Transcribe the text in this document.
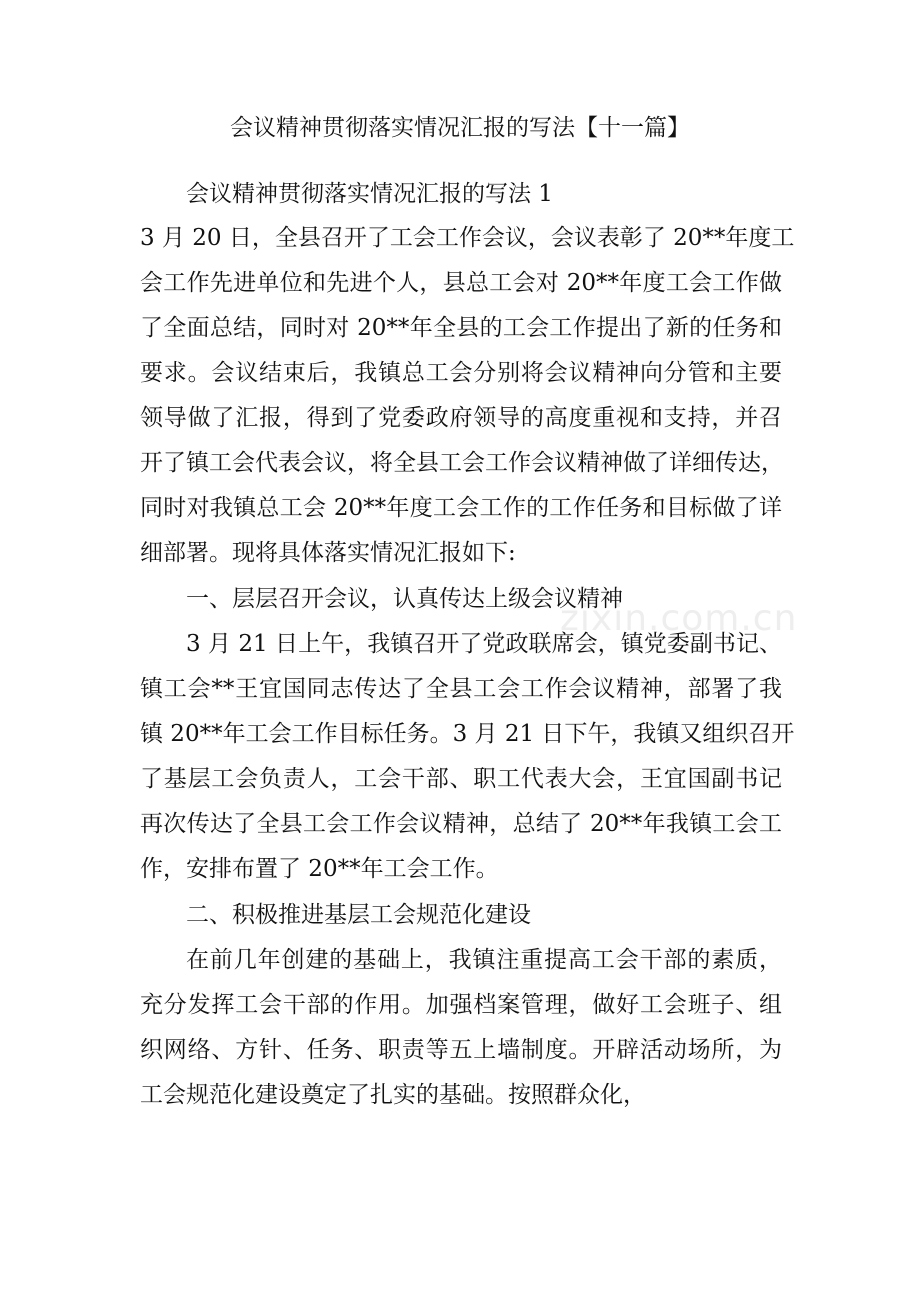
会议精神贯彻落实情况汇报的写法【十一篇】
会议精神贯彻落实情况汇报的写法 1
3 月 20 日，全县召开了工会工作会议，会议表彰了 20**年度工
会工作先进单位和先进个人，县总工会对 20**年度工会工作做
了全面总结，同时对 20**年全县的工会工作提出了新的任务和
要求。会议结束后，我镇总工会分别将会议精神向分管和主要
领导做了汇报，得到了党委政府领导的高度重视和支持，并召
开了镇工会代表会议，将全县工会工作会议精神做了详细传达，
同时对我镇总工会 20**年度工会工作的工作任务和目标做了详
细部署。现将具体落实情况汇报如下:
一、层层召开会议，认真传达上级会议精神
3 月 21 日上午，我镇召开了党政联席会，镇党委副书记、
镇工会**王宜国同志传达了全县工会工作会议精神，部署了我
镇 20**年工会工作目标任务。3 月 21 日下午，我镇又组织召开
了基层工会负责人，工会干部、职工代表大会，王宜国副书记
再次传达了全县工会工作会议精神，总结了 20**年我镇工会工
作，安排布置了 20**年工会工作。
二、积极推进基层工会规范化建设
在前几年创建的基础上，我镇注重提高工会干部的素质，
充分发挥工会干部的作用。加强档案管理，做好工会班子、组
织网络、方针、任务、职责等五上墙制度。开辟活动场所，为
工会规范化建设奠定了扎实的基础。按照群众化，
zixin.com.cn
